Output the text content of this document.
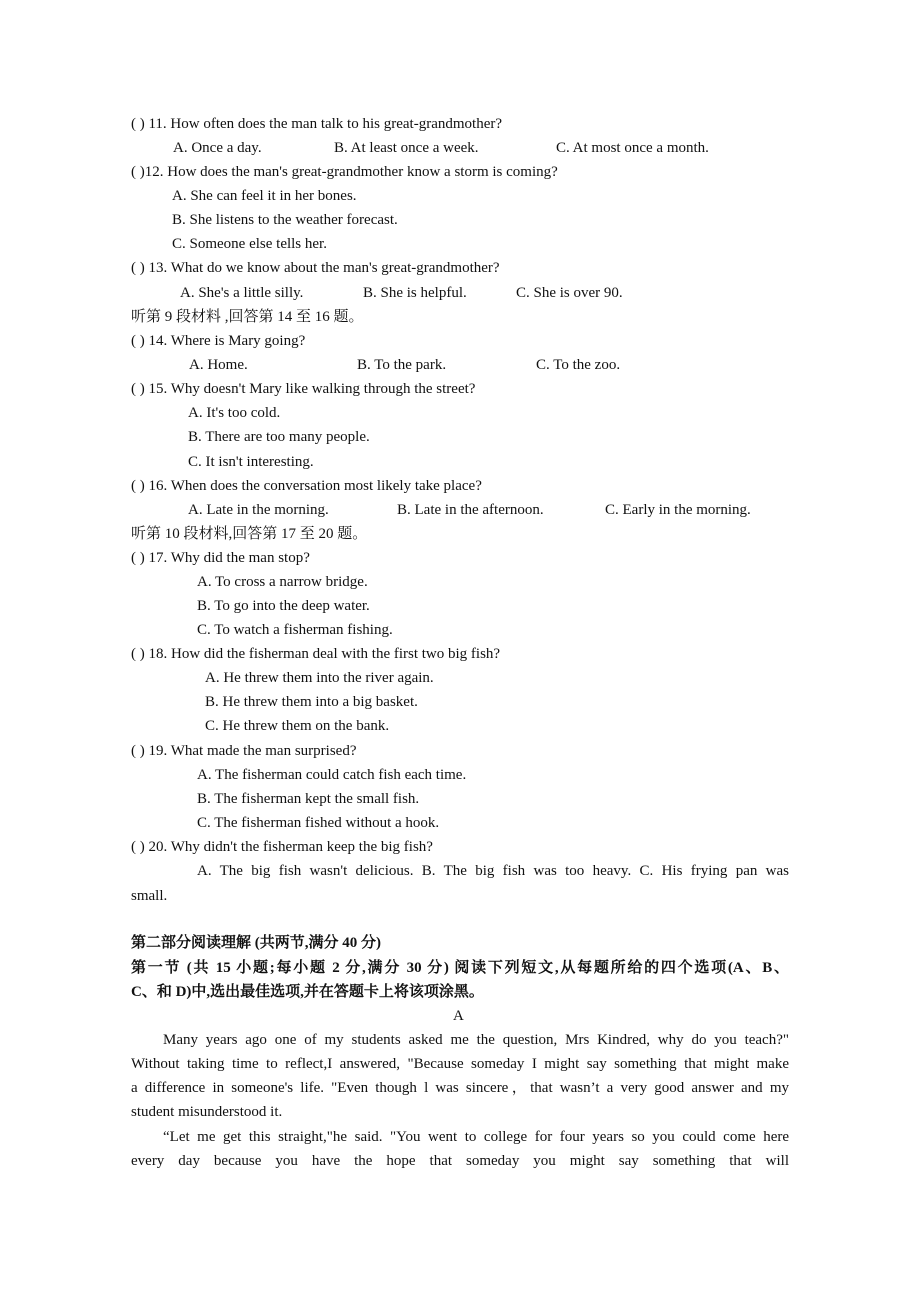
( ) 11. How often does the man talk to his great-grandmother?
A. Once a day.	B. At least once a week.	C. At most once a month.
( )12. How does the man's great-grandmother know a storm is coming?
A. She can feel it in her bones.
B. She listens to the weather forecast.
C. Someone else tells her.
( ) 13. What do we know about the man's great-grandmother?
A. She's a little silly.	B. She is helpful.	C. She is over 90.
听第 9 段材料 ,回答第 14 至 16 题。
( ) 14. Where is Mary going?
A. Home.	B. To the park.	C. To the zoo.
( ) 15. Why doesn't Mary like walking through the street?
A. It's too cold.
B. There are too many people.
C. It isn't interesting.
( ) 16. When does the conversation most likely take place?
A. Late in the morning.	B. Late in the afternoon.	C. Early in the morning.
听第 10 段材料,回答第 17 至 20 题。
( ) 17. Why did the man stop?
A. To cross a narrow bridge.
B. To go into the deep water.
C. To watch a fisherman fishing.
( ) 18. How did the fisherman deal with the first two big fish?
A. He threw them into the river again.
B. He threw them into a big basket.
C. He threw them on the bank.
( ) 19. What made the man surprised?
A. The fisherman could catch fish each time.
B. The fisherman kept the small fish.
C. The fisherman fished without a hook.
( ) 20. Why didn't the fisherman keep the big fish?
A. The big fish wasn't delicious. B. The big fish was too heavy. C. His frying pan was
small.
第二部分阅读理解 (共两节,满分 40 分)
第一节 (共 15 小题;每小题 2 分,满分 30 分) 阅读下列短文,从每题所给的四个选项(A、B、
C、和 D)中,选出最佳选项,并在答题卡上将该项涂黑。
A
Many years ago one of my students asked me the question, Mrs Kindred, why do you teach?"
Without taking time to reflect,I answered, "Because someday I might say something that might make
a difference in someone's life. "Even though l was sincere，that wasn’t a very good answer and my
student misunderstood it.
“Let me get this straight,"he said. "You went to college for four years so you could come here
every day because you have the hope that someday you might say something that will
